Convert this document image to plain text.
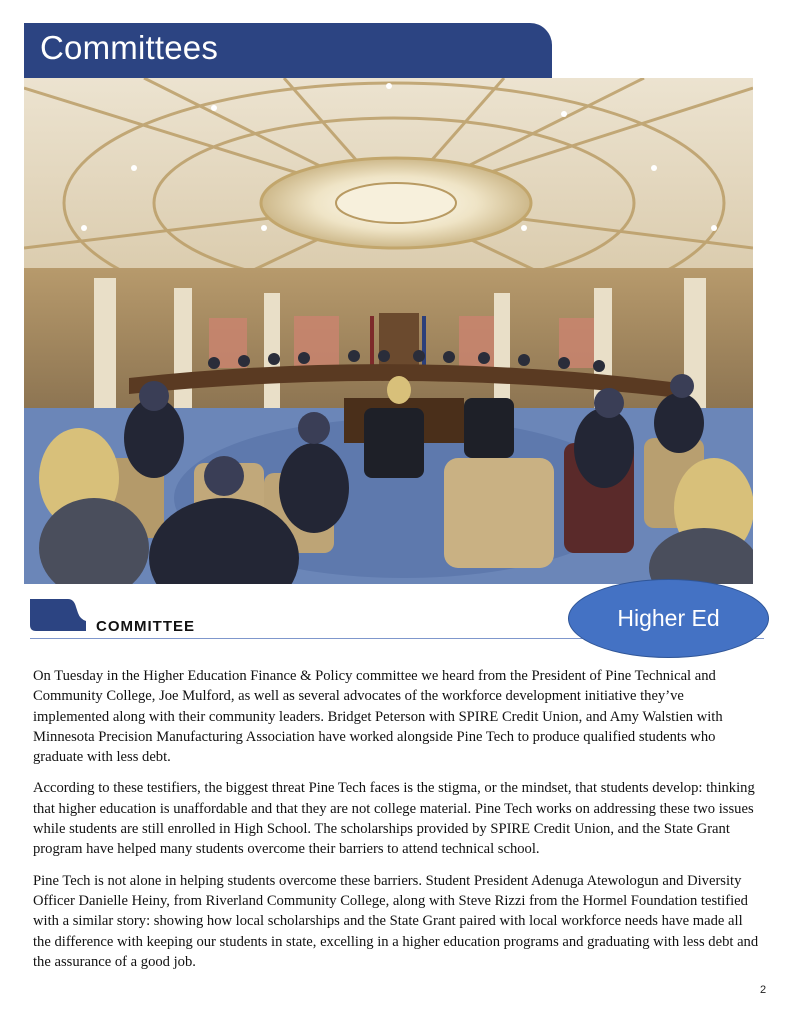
Committees
COMMITTEE	Higher Ed

On Tuesday in the Higher Education Finance & Policy committee we heard from the President of Pine Technical and Community College, Joe Mulford, as well as several advocates of the workforce development initiative they’ve implemented along with their community leaders. Bridget Peterson with SPIRE Credit Union, and Amy Walstien with Minnesota Precision Manufacturing Association have worked alongside Pine Tech to produce qualified students who graduate with less debt.

According to these testifiers, the biggest threat Pine Tech faces is the stigma, or the mindset, that students develop: thinking that higher education is unaffordable and that they are not college material. Pine Tech works on addressing these two issues while students are still enrolled in High School. The scholarships provided by SPIRE Credit Union, and the State Grant program have helped many students overcome their barriers to attend technical school.

Pine Tech is not alone in helping students overcome these barriers. Student President Adenuga Atewologun and Diversity Officer Danielle Heiny, from Riverland Community College, along with Steve Rizzi from the Hormel Foundation testified with a similar story: showing how local scholarships and the State Grant paired with local workforce needs have made all the difference with keeping our students in state, excelling in a higher education programs and graduating with less debt and the assurance of a good job.

2
